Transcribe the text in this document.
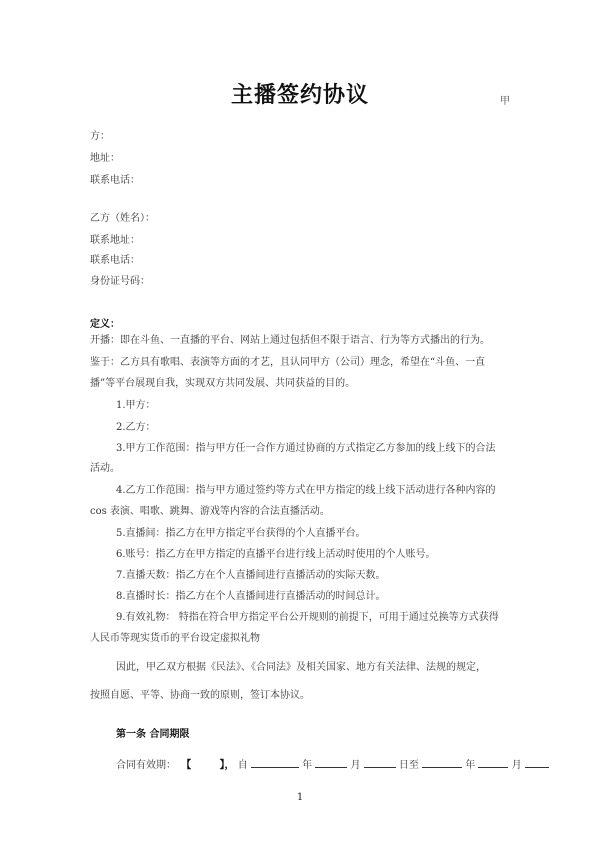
主播签约协议	甲
方：
地址：
联系电话：
乙方（姓名）：
联系地址：
联系电话：
身份证号码：
定义：
开播：即在斗鱼、一直播的平台、网站上通过包括但不限于语言、行为等方式播出的行为。
鉴于：乙方具有歌唱、表演等方面的才艺，且认同甲方（公司）理念，希望在“斗鱼、一直
播”等平台展现自我，实现双方共同发展、共同获益的目的。
1.甲方：
2.乙方：
3.甲方工作范围：指与甲方任一合作方通过协商的方式指定乙方参加的线上线下的合法
活动。
4.乙方工作范围：指与甲方通过签约等方式在甲方指定的线上线下活动进行各种内容的
cos 表演、唱歌、跳舞、游戏等内容的合法直播活动。
5.直播间：指乙方在甲方指定平台获得的个人直播平台。
6.账号：指乙方在甲方指定的直播平台进行线上活动时使用的个人账号。
7.直播天数：指乙方在个人直播间进行直播活动的实际天数。
8.直播时长：指乙方在个人直播间进行直播活动的时间总计。
9.有效礼物： 特指在符合甲方指定平台公开规则的前提下，可用于通过兑换等方式获得
人民币等现实货币的平台设定虚拟礼物
因此，甲乙双方根据《民法》、《合同法》及相关国家、地方有关法律、法规的规定，
按照自愿、平等、协商一致的原则，签订本协议。
第一条 合同期限
合同有效期： 【	】， 自	年	月	日至	年	月
1
